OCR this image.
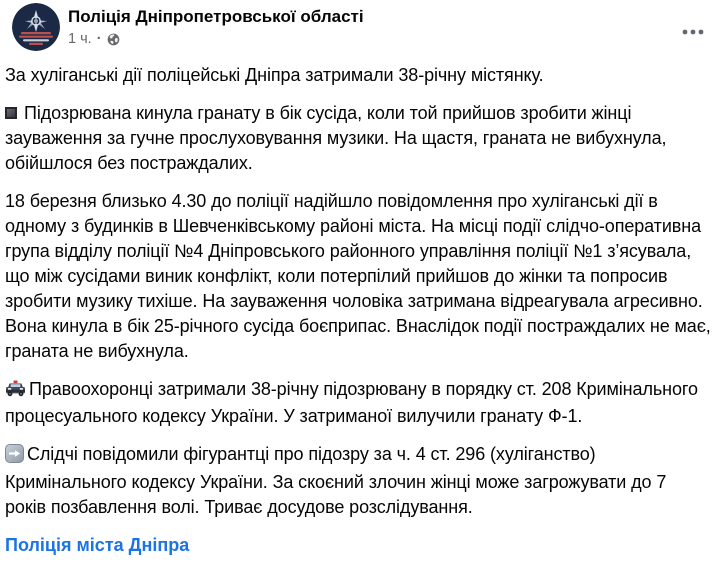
Поліція Дніпропетровської області
1 ч. ·

За хуліганські дії поліцейські Дніпра затримали 38-річну містянку.

Підозрювана кинула гранату в бік сусіда, коли той прийшов зробити жінці зауваження за гучне прослуховування музики. На щастя, граната не вибухнула, обійшлося без постраждалих.

18 березня близько 4.30 до поліції надійшло повідомлення про хуліганські дії в одному з будинків в Шевченківському районі міста. На місці події слідчо-оперативна група відділу поліції №4 Дніпровського районного управління поліції №1 з’ясувала, що між сусідами виник конфлікт, коли потерпілий прийшов до жінки та попросив зробити музику тихіше. На зауваження чоловіка затримана відреагувала агресивно. Вона кинула в бік 25-річного сусіда боєприпас. Внаслідок події постраждалих не має, граната не вибухнула.

Правоохоронці затримали 38-річну підозрювану в порядку ст. 208 Кримінального процесуального кодексу України. У затриманої вилучили гранату Ф-1.

Слідчі повідомили фігурантці про підозру за ч. 4 ст. 296 (хуліганство) Кримінального кодексу України. За скоєний злочин жінці може загрожувати до 7 років позбавлення волі. Триває досудове розслідування.

Поліція міста Дніпра
